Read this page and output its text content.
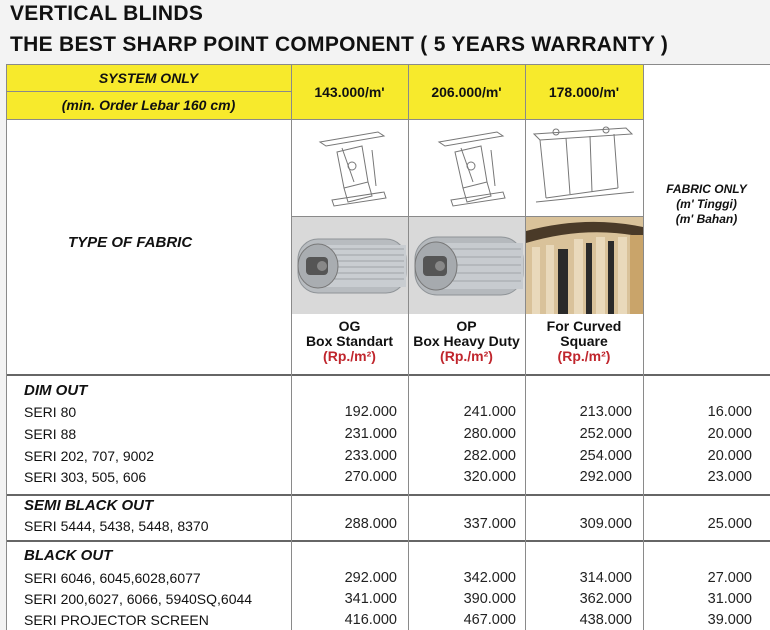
VERTICAL BLINDS
THE BEST SHARP POINT COMPONENT ( 5 YEARS WARRANTY )
SYSTEM ONLY
(min. Order Lebar 160 cm)
143.000/m'	206.000/m'	178.000/m'
FABRIC ONLY
(m' Tinggi)
(m' Bahan)
TYPE OF FABRIC
OG
Box Standart
(Rp./m²)
OP
Box Heavy Duty
(Rp./m²)
For Curved
Square
(Rp./m²)
DIM OUT
SERI 80	192.000	241.000	213.000	16.000
SERI 88	231.000	280.000	252.000	20.000
SERI 202, 707, 9002	233.000	282.000	254.000	20.000
SERI 303, 505, 606	270.000	320.000	292.000	23.000
SEMI BLACK OUT
SERI 5444, 5438, 5448, 8370	288.000	337.000	309.000	25.000
BLACK OUT
SERI 6046, 6045,6028,6077	292.000	342.000	314.000	27.000
SERI 200,6027, 6066, 5940SQ,6044	341.000	390.000	362.000	31.000
SERI PROJECTOR SCREEN	416.000	467.000	438.000	39.000
